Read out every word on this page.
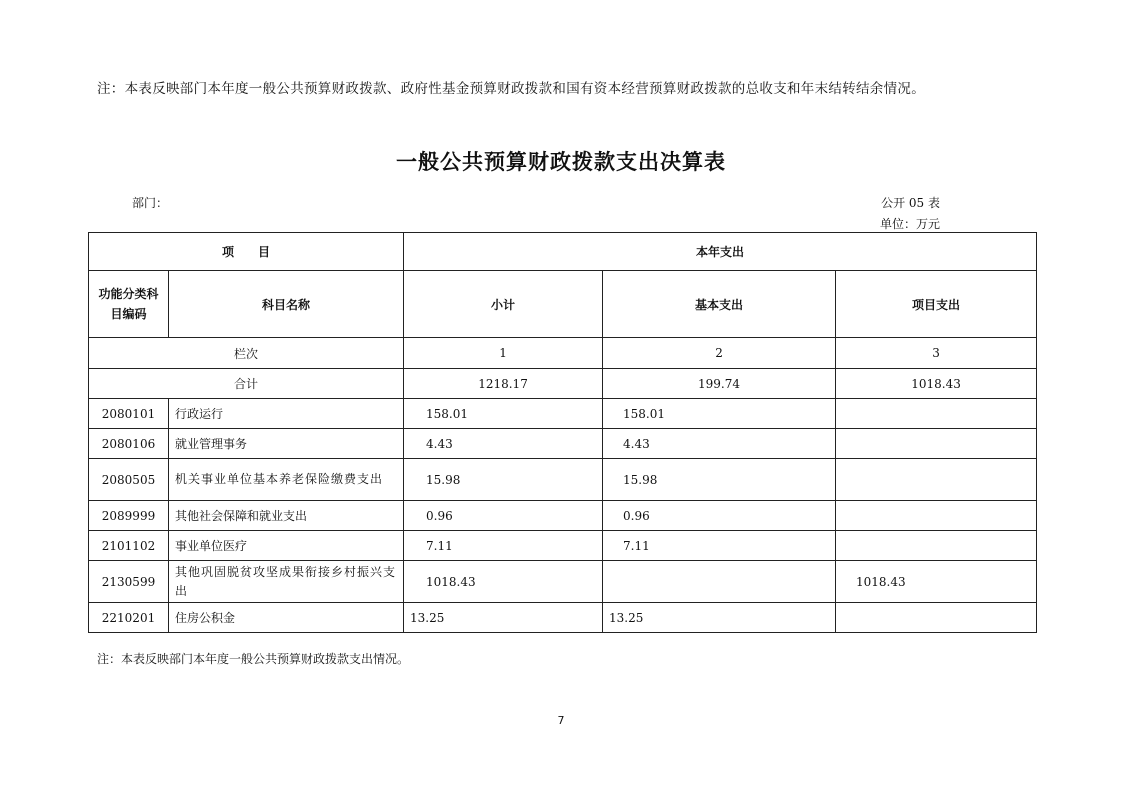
注：本表反映部门本年度一般公共预算财政拨款、政府性基金预算财政拨款和国有资本经营预算财政拨款的总收支和年末结转结余情况。
一般公共预算财政拨款支出决算表
部门：	公开 05 表
单位：万元
项　　目		本年支出		
功能分类科目编码	科目名称	小计	基本支出	项目支出
栏次		1	2	3
合计		1218.17	199.74	1018.43
2080101	行政运行	158.01	158.01	
2080106	就业管理事务	4.43	4.43	
2080505	机关事业单位基本养老保险缴费支出	15.98	15.98	
2089999	其他社会保障和就业支出	0.96	0.96	
2101102	事业单位医疗	7.11	7.11	
2130599	其他巩固脱贫攻坚成果衔接乡村振兴支出	1018.43		1018.43
2210201	住房公积金	13.25	13.25	
注：本表反映部门本年度一般公共预算财政拨款支出情况。
7
